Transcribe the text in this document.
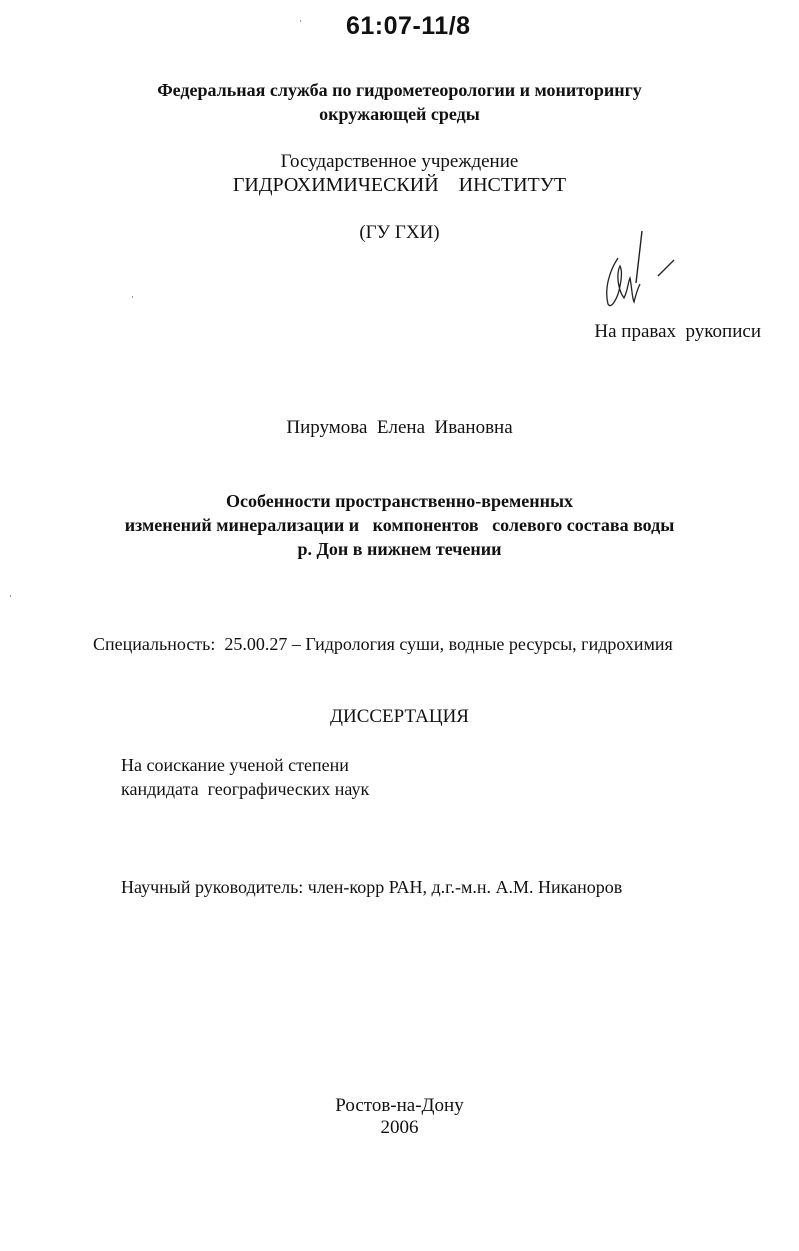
61:07-11/8
Федеральная служба по гидрометеорологии и мониторингу
окружающей среды
Государственное учреждение
ГИДРОХИМИЧЕСКИЙ    ИНСТИТУТ
(ГУ ГХИ)
На правах  рукописи
Пирумова  Елена  Ивановна
Особенности пространственно-временных
изменений минерализации и   компонентов   солевого состава воды
р. Дон в нижнем течении
Специальность:  25.00.27 – Гидрология суши, водные ресурсы, гидрохимия
ДИССЕРТАЦИЯ
На соискание ученой степени
кандидата  географических наук
Научный руководитель: член-корр РАН, д.г.-м.н. А.М. Никаноров
Ростов-на-Дону
2006
